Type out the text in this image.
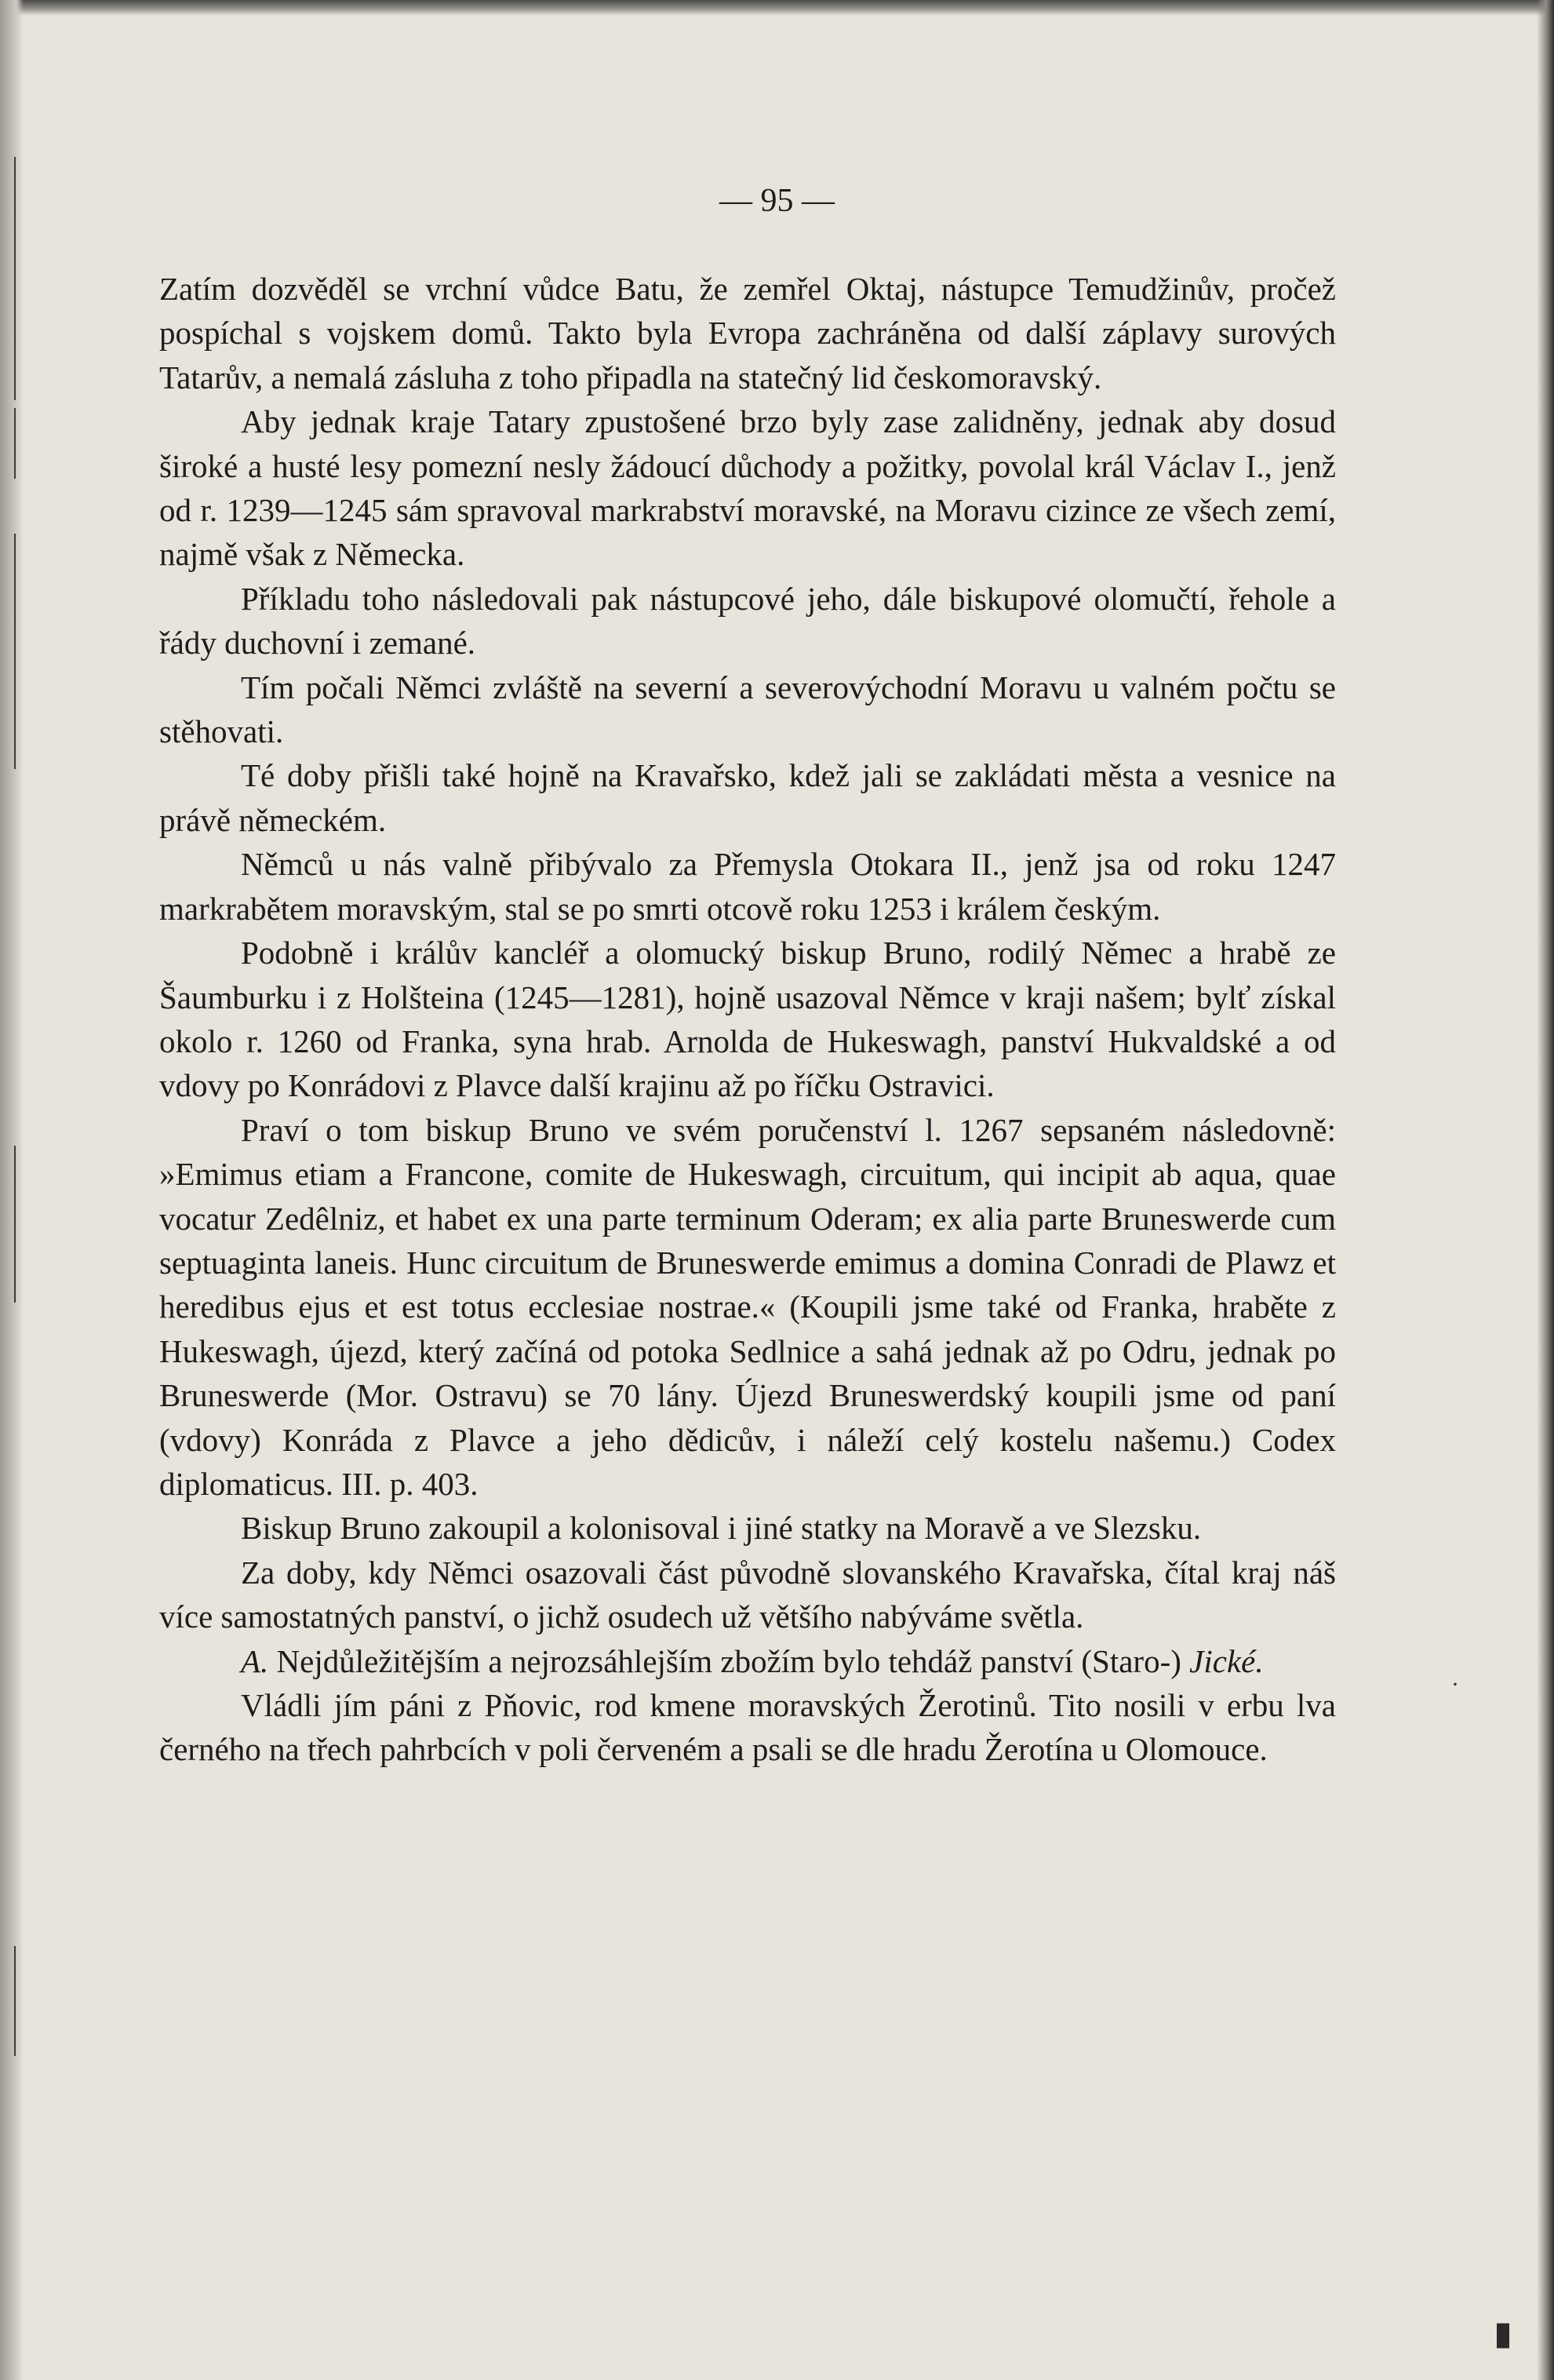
— 95 —

Zatím dozvěděl se vrchní vůdce Batu, že zemřel Oktaj, nástupce Temudžinův, pročež pospíchal s vojskem domů. Takto byla Evropa zachráněna od další záplavy surových Tatarův, a nemalá zásluha z toho připadla na statečný lid českomoravský.

Aby jednak kraje Tatary zpustošené brzo byly zase zalidněny, jednak aby dosud široké a husté lesy pomezní nesly žádoucí důchody a požitky, povolal král Václav I., jenž od r. 1239—1245 sám spravoval markrabství moravské, na Moravu cizince ze všech zemí, najmě však z Německa.

Příkladu toho následovali pak nástupcové jeho, dále biskupové olomučtí, řehole a řády duchovní i zemané.

Tím počali Němci zvláště na severní a severovýchodní Moravu u valném počtu se stěhovati.

Té doby přišli také hojně na Kravařsko, kdež jali se zakládati města a vesnice na právě německém.

Němců u nás valně přibývalo za Přemysla Otokara II., jenž jsa od roku 1247 markrabětem moravským, stal se po smrti otcově roku 1253 i králem českým.

Podobně i králův kancléř a olomucký biskup Bruno, rodilý Němec a hrabě ze Šaumburku i z Holšteina (1245—1281), hojně usazoval Němce v kraji našem; bylť získal okolo r. 1260 od Franka, syna hrab. Arnolda de Hukeswagh, panství Hukvaldské a od vdovy po Konrádovi z Plavce další krajinu až po říčku Ostravici.

Praví o tom biskup Bruno ve svém poručenství l. 1267 sepsaném následovně: »Emimus etiam a Francone, comite de Hukeswagh, circuitum, qui incipit ab aqua, quae vocatur Zedêlniz, et habet ex una parte terminum Oderam; ex alia parte Bruneswerde cum septuaginta laneis. Hunc circuitum de Bruneswerde emimus a domina Conradi de Plawz et heredibus ejus et est totus ecclesiae nostrae.« (Koupili jsme také od Franka, hraběte z Hukeswagh, újezd, který začíná od potoka Sedlnice a sahá jednak až po Odru, jednak po Bruneswerde (Mor. Ostravu) se 70 lány. Újezd Bruneswerdský koupili jsme od paní (vdovy) Konráda z Plavce a jeho dědicův, i náleží celý kostelu našemu.) Codex diplomaticus. III. p. 403.

Biskup Bruno zakoupil a kolonisoval i jiné statky na Moravě a ve Slezsku.

Za doby, kdy Němci osazovali část původně slovanského Kravařska, čítal kraj náš více samostatných panství, o jichž osudech už většího nabýváme světla.

A. Nejdůležitějším a nejrozsáhlejším zbožím bylo tehdáž panství (Staro-) Jické.

Vládli jím páni z Pňovic, rod kmene moravských Žerotinů. Tito nosili v erbu lva černého na třech pahrbcích v poli červeném a psali se dle hradu Žerotína u Olomouce.

·
▮
